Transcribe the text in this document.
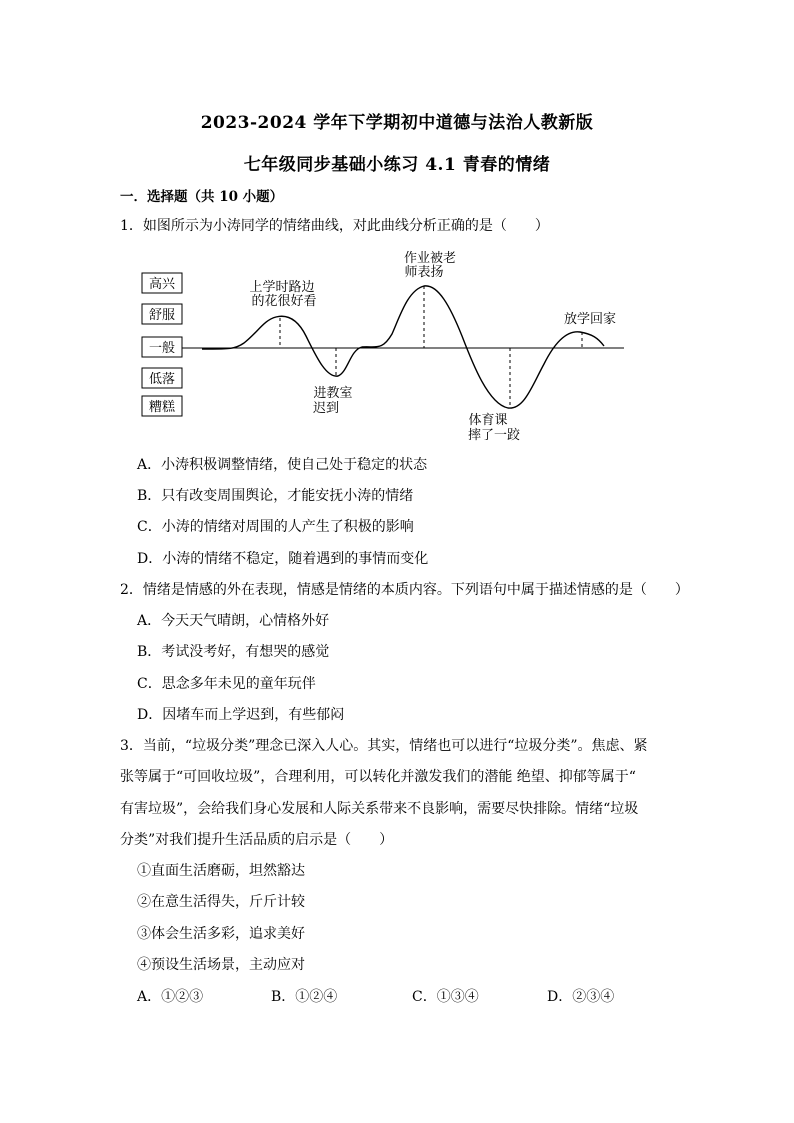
2023-2024 学年下学期初中道德与法治人教新版
七年级同步基础小练习 4.1 青春的情绪
一．选择题（共 10 小题）
1．如图所示为小涛同学的情绪曲线，对此曲线分析正确的是（　　）
高兴
舒服
一般
低落
糟糕
上学时路边
的花很好看
作业被老
师表扬
进教室
迟到
体育课
摔了一跤
放学回家
A．小涛积极调整情绪，使自己处于稳定的状态
B．只有改变周围舆论，才能安抚小涛的情绪
C．小涛的情绪对周围的人产生了积极的影响
D．小涛的情绪不稳定，随着遇到的事情而变化
2．情绪是情感的外在表现，情感是情绪的本质内容。下列语句中属于描述情感的是（　　）
A．今天天气晴朗，心情格外好
B．考试没考好，有想哭的感觉
C．思念多年未见的童年玩伴
D．因堵车而上学迟到，有些郁闷
3．当前，“垃圾分类”理念已深入人心。其实，情绪也可以进行“垃圾分类”。焦虑、紧
张等属于“可回收垃圾”，合理利用，可以转化并激发我们的潜能 绝望、抑郁等属于“
有害垃圾”，会给我们身心发展和人际关系带来不良影响，需要尽快排除。情绪“垃圾
分类”对我们提升生活品质的启示是（　　）
①直面生活磨砺，坦然豁达
②在意生活得失，斤斤计较
③体会生活多彩，追求美好
④预设生活场景，主动应对
A．①②③	B．①②④	C．①③④	D．②③④
